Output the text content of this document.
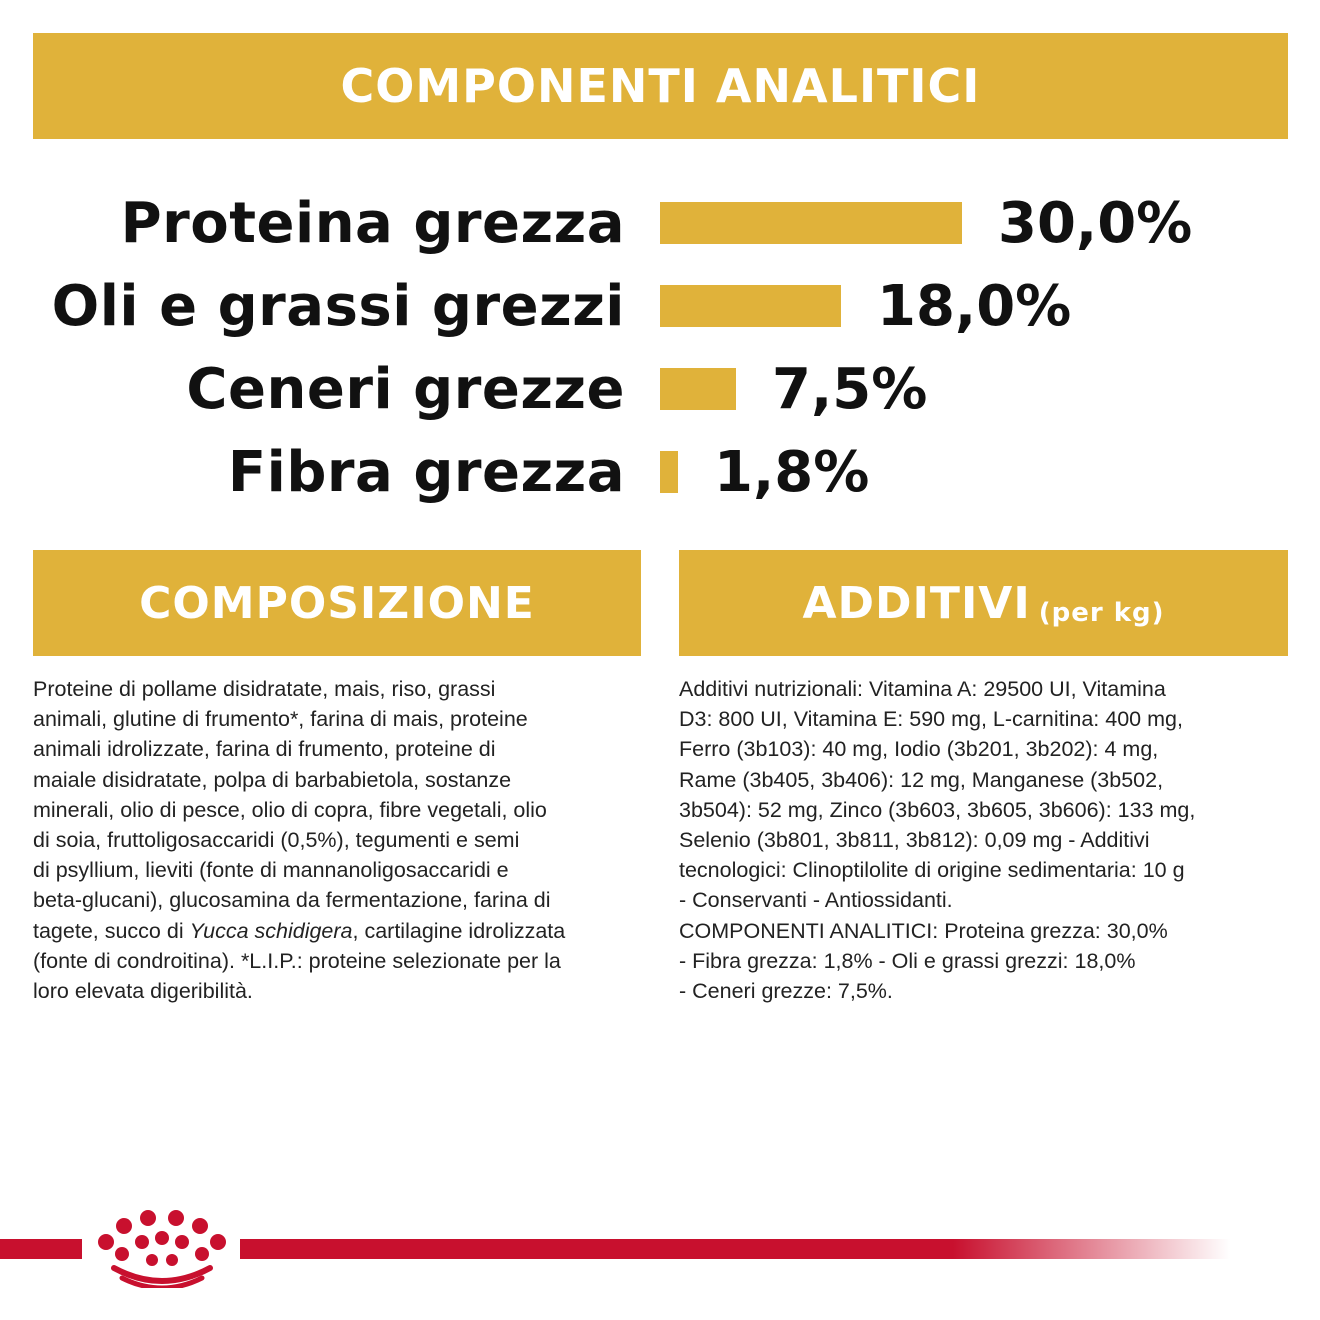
COMPONENTI ANALITICI
Proteina grezza	30,0%
Oli e grassi grezzi	18,0%
Ceneri grezze	7,5%
Fibra grezza 1,8%
COMPOSIZIONE	ADDITIVI (per kg)
Proteine di pollame disidratate, mais, riso, grassi
animali, glutine di frumento*, farina di mais, proteine
animali idrolizzate, farina di frumento, proteine di
maiale disidratate, polpa di barbabietola, sostanze
minerali, olio di pesce, olio di copra, fibre vegetali, olio
di soia, fruttoligosaccaridi (0,5%), tegumenti e semi
di psyllium, lieviti (fonte di mannanoligosaccaridi e
beta-glucani), glucosamina da fermentazione, farina di
tagete, succo di Yucca schidigera, cartilagine idrolizzata
(fonte di condroitina). *L.I.P.: proteine selezionate per la
loro elevata digeribilità.
Additivi nutrizionali: Vitamina A: 29500 UI, Vitamina
D3: 800 UI, Vitamina E: 590 mg, L-carnitina: 400 mg,
Ferro (3b103): 40 mg, Iodio (3b201, 3b202): 4 mg,
Rame (3b405, 3b406): 12 mg, Manganese (3b502,
3b504): 52 mg, Zinco (3b603, 3b605, 3b606): 133 mg,
Selenio (3b801, 3b811, 3b812): 0,09 mg - Additivi
tecnologici: Clinoptilolite di origine sedimentaria: 10 g
- Conservanti - Antiossidanti.
COMPONENTI ANALITICI: Proteina grezza: 30,0%
- Fibra grezza: 1,8% - Oli e grassi grezzi: 18,0%
- Ceneri grezze: 7,5%.
